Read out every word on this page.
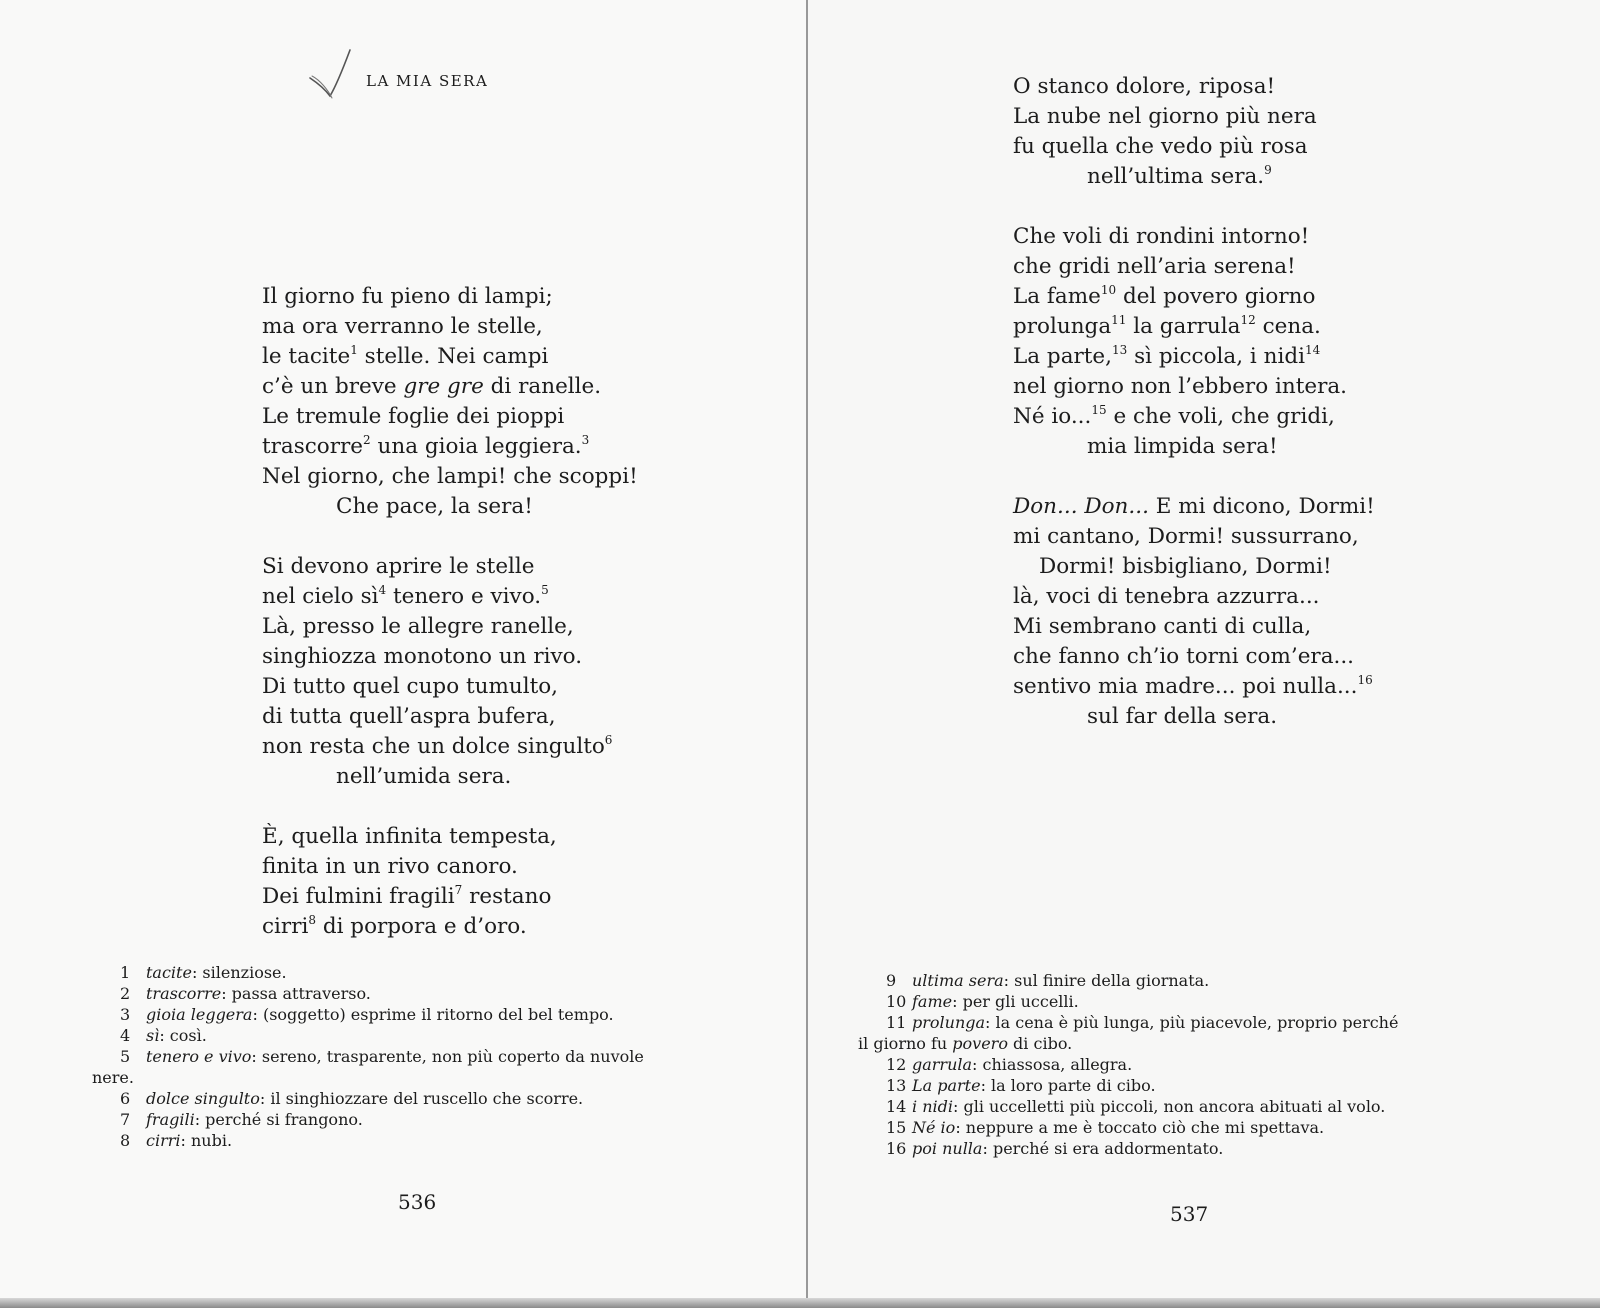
LA MIA SERA
Il giorno fu pieno di lampi;
ma ora verranno le stelle,
le tacite$^1$ stelle. Nei campi
c’è un breve gre gre di ranelle.
Le tremule foglie dei pioppi
trascorre$^2$ una gioia leggiera.$^3$
Nel giorno, che lampi! che scoppi!
Che pace, la sera!
Si devono aprire le stelle
nel cielo $sì^4$ tenero e vivo.$^5$
Là, presso le allegre ranelle,
singhiozza monotono un rivo.
Di tutto quel cupo tumulto,
di tutta quell’aspra bufera,
non resta che un dolce singulto$^6$
nell’umida sera.
È, quella infinita tempesta,
finita in un rivo canoro.
Dei fulmini fragili$^7$ restano
cirri$^8$ di porpora e d’oro.
1 tacite: silenziose.
2 trascorre: passa attraverso.
3 gioia leggera: (soggetto) esprime il ritorno del bel tempo.
4 sì: così.
5 tenero e vivo: sereno, trasparente, non più coperto da nuvole
nere.
6 dolce singulto: il singhiozzare del ruscello che scorre.
7 fragili: perché si frangono.
8 cirri: nubi.
536
O stanco dolore, riposa!
La nube nel giorno più nera
fu quella che vedo più rosa
nell’ultima sera.$^9$
Che voli di rondini intorno!
che gridi nell’aria serena!
La fame$^{10}$ del povero giorno
prolunga$^{11}$ la garrula$^{12}$ cena.
La parte,$^{13}$ sì piccola, i nidi$^{14}$
nel giorno non l’ebbero intera.
Né io...$^{15}$ e che voli, che gridi,
mia limpida sera!
Don... Don... E mi dicono, Dormi!
mi cantano, Dormi! sussurrano,
Dormi! bisbigliano, Dormi!
là, voci di tenebra azzurra...
Mi sembrano canti di culla,
che fanno ch’io torni com’era...
sentivo mia madre... poi nulla...$^{16}$
sul far della sera.
9 ultima sera: sul finire della giornata.
10 fame: per gli uccelli.
11 prolunga: la cena è più lunga, più piacevole, proprio perché
il giorno fu povero di cibo.
12 garrula: chiassosa, allegra.
13 La parte: la loro parte di cibo.
14 i nidi: gli uccelletti più piccoli, non ancora abituati al volo.
15 Né io: neppure a me è toccato ciò che mi spettava.
16 poi nulla: perché si era addormentato.
537
